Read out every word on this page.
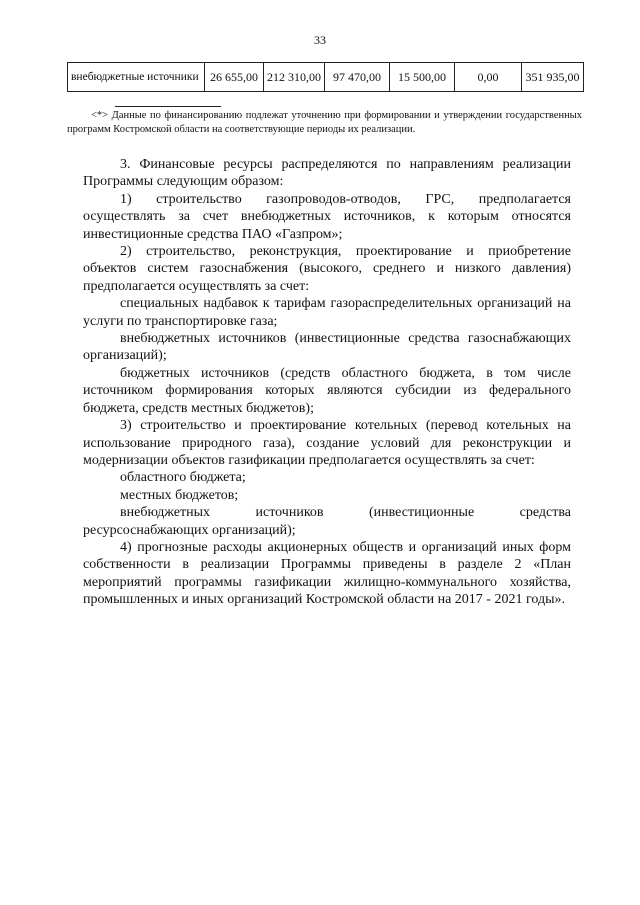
33
внебюджетные источники	26 655,00	212 310,00	97 470,00	15 500,00	0,00	351 935,00
<*> Данные по финансированию подлежат уточнению при формировании и утверждении государственных программ Костромской области на соответствующие периоды их реализации.

3. Финансовые ресурсы распределяются по направлениям реализации Программы следующим образом:

1) строительство газопроводов-отводов, ГРС, предполагается осуществлять за счет внебюджетных источников, к которым относятся инвестиционные средства ПАО «Газпром»;

2) строительство, реконструкция, проектирование и приобретение объектов систем газоснабжения (высокого, среднего и низкого давления) предполагается осуществлять за счет:

специальных надбавок к тарифам газораспределительных организаций на услуги по транспортировке газа;

внебюджетных источников (инвестиционные средства газоснабжающих организаций);

бюджетных источников (средств областного бюджета, в том числе источником формирования которых являются субсидии из федерального бюджета, средств местных бюджетов);

3) строительство и проектирование котельных (перевод котельных на использование природного газа), создание условий для реконструкции и модернизации объектов газификации предполагается осуществлять за счет:

областного бюджета;

местных бюджетов;

внебюджетных источников (инвестиционные средства ресурсоснабжающих организаций);

4) прогнозные расходы акционерных обществ и организаций иных форм собственности в реализации Программы приведены в разделе 2 «План мероприятий программы газификации жилищно-коммунального хозяйства, промышленных и иных организаций Костромской области на 2017 - 2021 годы».
